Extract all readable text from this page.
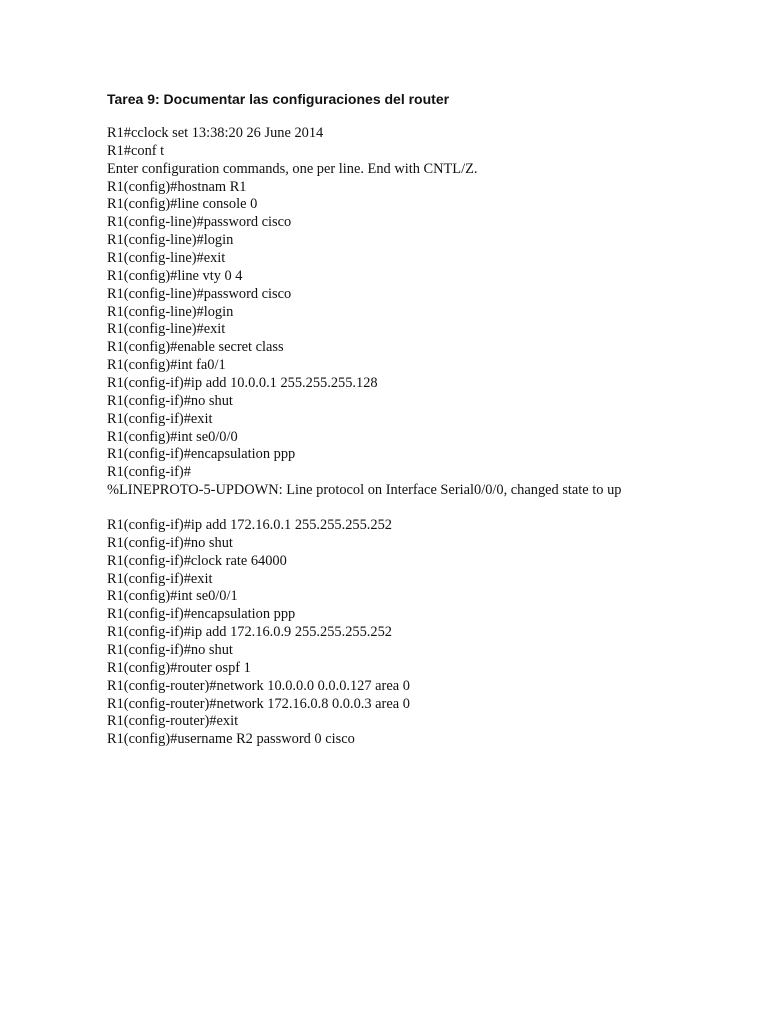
Tarea 9: Documentar las configuraciones del router
R1#cclock set 13:38:20 26 June 2014
R1#conf t
Enter configuration commands, one per line. End with CNTL/Z.
R1(config)#hostnam R1
R1(config)#line console 0
R1(config-line)#password cisco
R1(config-line)#login
R1(config-line)#exit
R1(config)#line vty 0 4
R1(config-line)#password cisco
R1(config-line)#login
R1(config-line)#exit
R1(config)#enable secret class
R1(config)#int fa0/1
R1(config-if)#ip add 10.0.0.1 255.255.255.128
R1(config-if)#no shut
R1(config-if)#exit
R1(config)#int se0/0/0
R1(config-if)#encapsulation ppp
R1(config-if)#
%LINEPROTO-5-UPDOWN: Line protocol on Interface Serial0/0/0, changed state to up
R1(config-if)#ip add 172.16.0.1 255.255.255.252
R1(config-if)#no shut
R1(config-if)#clock rate 64000
R1(config-if)#exit
R1(config)#int se0/0/1
R1(config-if)#encapsulation ppp
R1(config-if)#ip add 172.16.0.9 255.255.255.252
R1(config-if)#no shut
R1(config)#router ospf 1
R1(config-router)#network 10.0.0.0 0.0.0.127 area 0
R1(config-router)#network 172.16.0.8 0.0.0.3 area 0
R1(config-router)#exit
R1(config)#username R2 password 0 cisco
